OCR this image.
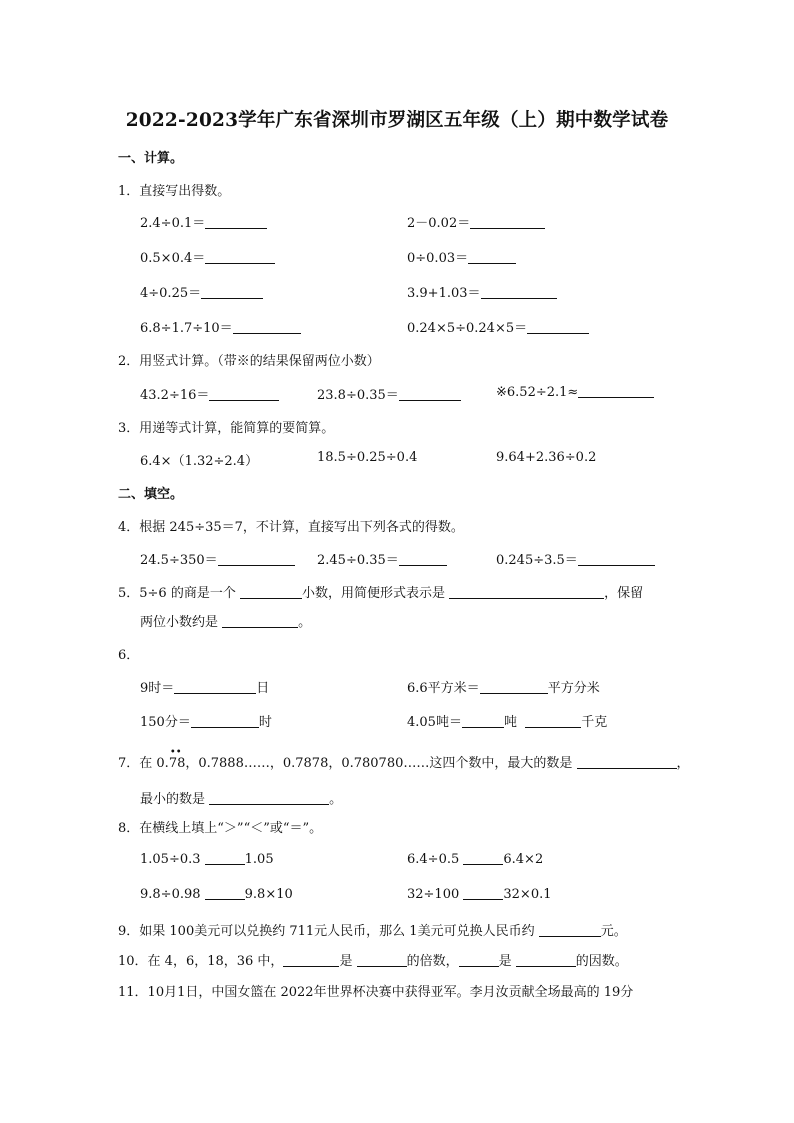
2022-2023学年广东省深圳市罗湖区五年级（上）期中数学试卷
一、计算。
1．直接写出得数。
2.4÷0.1＝	2－0.02＝
0.5×0.4＝	0÷0.03＝
4÷0.25＝	3.9+1.03＝
6.8÷1.7÷10＝	0.24×5÷0.24×5＝
2．用竖式计算。（带※的结果保留两位小数）
43.2÷16＝	23.8÷0.35＝	※6.52÷2.1≈
3．用递等式计算，能简算的要简算。
6.4×（1.32÷2.4）	18.5÷0.25÷0.4	9.64+2.36÷0.2
二、填空。
4．根据 245÷35＝7，不计算，直接写出下列各式的得数。
24.5÷350＝	2.45÷0.35＝	0.245÷3.5＝
5．5÷6 的商是一个	小数，用简便形式表示是	，保留
两位小数约是	。
6．
9时＝	日	6.6平方米＝	平方分米
150分＝	时	4.05吨＝	吨	千克
7．在 0.
••
78，0.7888……，0.7878，0.780780……这四个数中，最大的数是	，
最小的数是	。
8．在横线上填上“＞”“＜”或“＝”。
1.05÷0.3	1.05	6.4÷0.5	6.4×2
9.8÷0.98	9.8×10	32÷100	32×0.1
9．如果 100美元可以兑换约 711元人民币，那么 1美元可兑换人民币约	元。
10．在 4，6，18，36 中，	是	的倍数，	是	的因数。
11．10月1日，中国女篮在 2022年世界杯决赛中获得亚军。李月汝贡献全场最高的 19分
